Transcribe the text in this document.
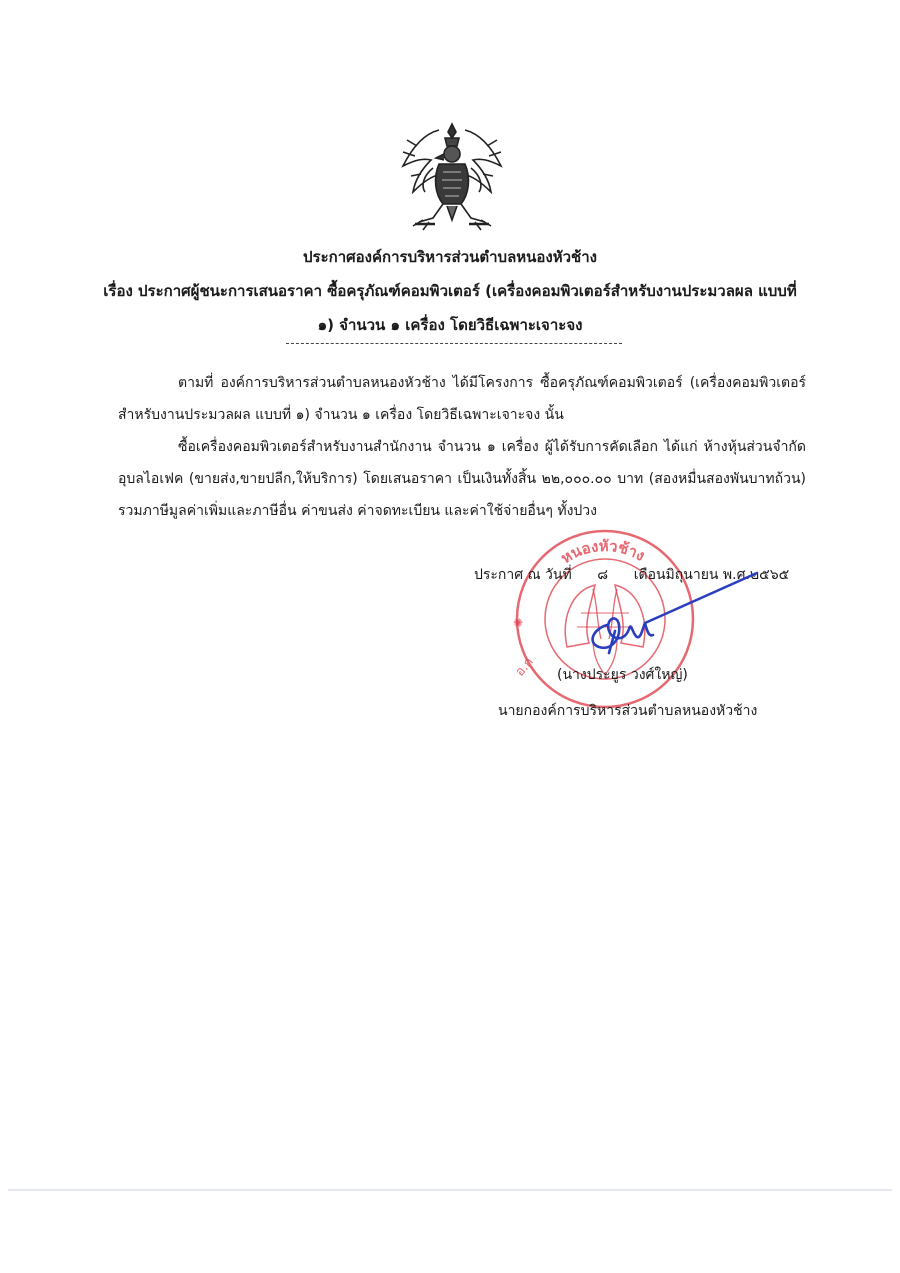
ประกาศองค์การบริหารส่วนตำบลหนองหัวช้าง
เรื่อง ประกาศผู้ชนะการเสนอราคา ซื้อครุภัณฑ์คอมพิวเตอร์ (เครื่องคอมพิวเตอร์สำหรับงานประมวลผล แบบที่
๑) จำนวน ๑ เครื่อง โดยวิธีเฉพาะเจาะจง
ตามที่ องค์การบริหารส่วนตำบลหนองหัวช้าง ได้มีโครงการ ซื้อครุภัณฑ์คอมพิวเตอร์ (เครื่องคอมพิวเตอร์สำหรับงานประมวลผล แบบที่ ๑) จำนวน ๑ เครื่อง โดยวิธีเฉพาะเจาะจง นั้น
ซื้อเครื่องคอมพิวเตอร์สำหรับงานสำนักงาน จำนวน ๑ เครื่อง ผู้ได้รับการคัดเลือก ได้แก่ ห้างหุ้นส่วนจำกัด อุบลไอเฟค (ขายส่ง,ขายปลีก,ให้บริการ) โดยเสนอราคา เป็นเงินทั้งสิ้น ๒๒,๐๐๐.๐๐ บาท (สองหมื่นสองพันบาทถ้วน) รวมภาษีมูลค่าเพิ่มและภาษีอื่น ค่าขนส่ง ค่าจดทะเบียน และค่าใช้จ่ายอื่นๆ ทั้งปวง
หนองหัวช้าง
อ.ก
✺
ประกาศ ณ วันที่ ๘ เดือนมิถุนายน พ.ศ.๒๕๖๕
(นางประยูร วงศ์ใหญ่)
นายกองค์การบริหารส่วนตำบลหนองหัวช้าง
